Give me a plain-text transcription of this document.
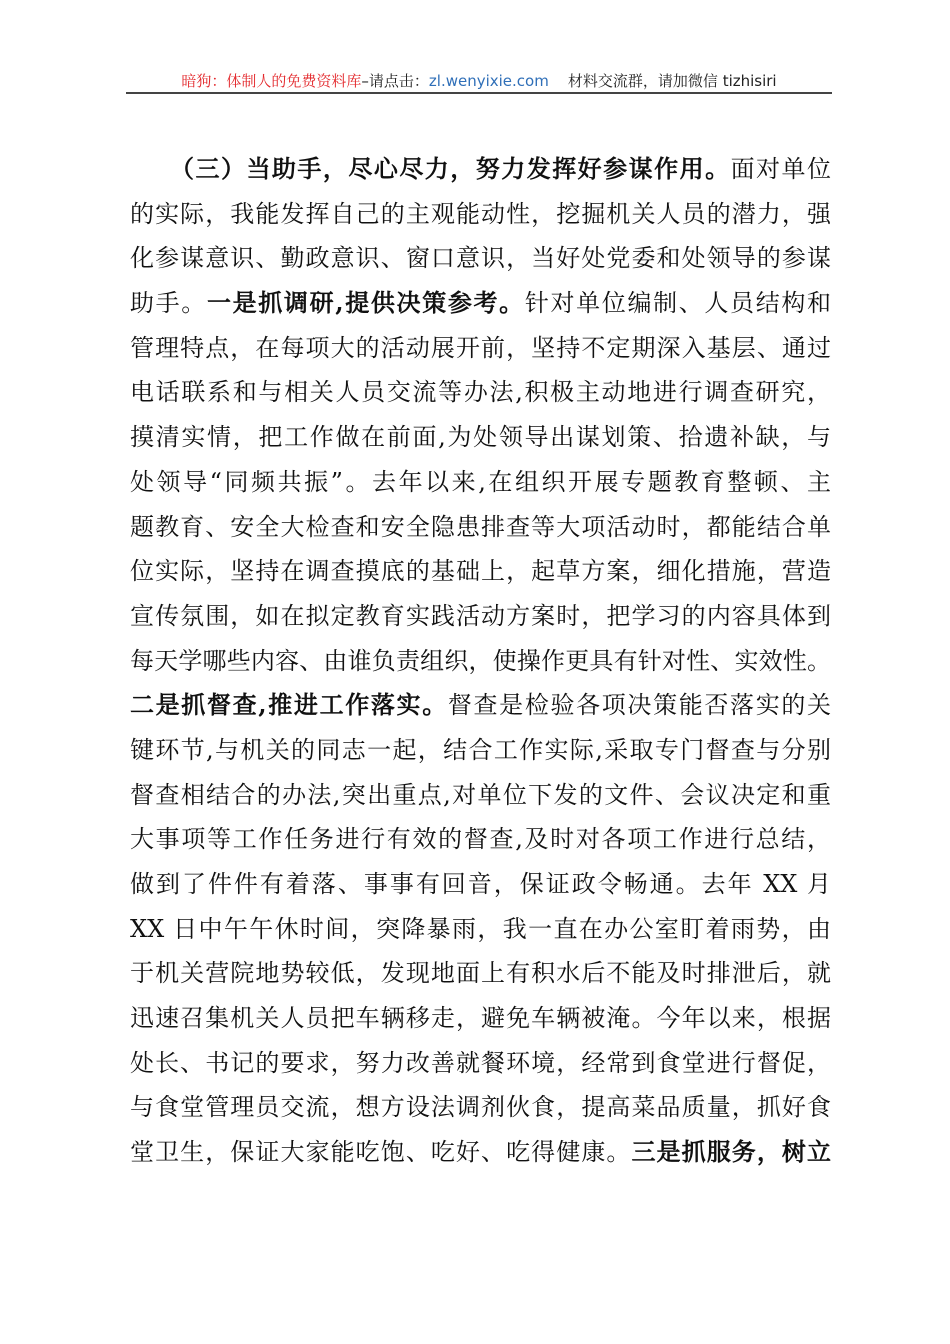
暗狗：体制人的免费资料库–请点击：zl.wenyixie.com 材料交流群，请加微信 tizhisiri
（三）当助手，尽心尽力，努力发挥好参谋作用。面对单位
的实际，我能发挥自己的主观能动性，挖掘机关人员的潜力，强
化参谋意识、勤政意识、窗口意识，当好处党委和处领导的参谋
助手。一是抓调研,提供决策参考。针对单位编制、人员结构和
管理特点，在每项大的活动展开前，坚持不定期深入基层、通过
电话联系和与相关人员交流等办法,积极主动地进行调查研究，
摸清实情，把工作做在前面,为处领导出谋划策、拾遗补缺，与
处领导“同频共振”。去年以来,在组织开展专题教育整顿、主
题教育、安全大检查和安全隐患排查等大项活动时，都能结合单
位实际，坚持在调查摸底的基础上，起草方案，细化措施，营造
宣传氛围，如在拟定教育实践活动方案时，把学习的内容具体到
每天学哪些内容、由谁负责组织，使操作更具有针对性、实效性。
二是抓督查,推进工作落实。督查是检验各项决策能否落实的关
键环节,与机关的同志一起，结合工作实际,采取专门督查与分别
督查相结合的办法,突出重点,对单位下发的文件、会议决定和重
大事项等工作任务进行有效的督查,及时对各项工作进行总结，
做到了件件有着落、事事有回音，保证政令畅通。去年 XX 月
XX 日中午午休时间，突降暴雨，我一直在办公室盯着雨势，由
于机关营院地势较低，发现地面上有积水后不能及时排泄后，就
迅速召集机关人员把车辆移走，避免车辆被淹。今年以来，根据
处长、书记的要求，努力改善就餐环境，经常到食堂进行督促，
与食堂管理员交流，想方设法调剂伙食，提高菜品质量，抓好食
堂卫生，保证大家能吃饱、吃好、吃得健康。三是抓服务，树立
